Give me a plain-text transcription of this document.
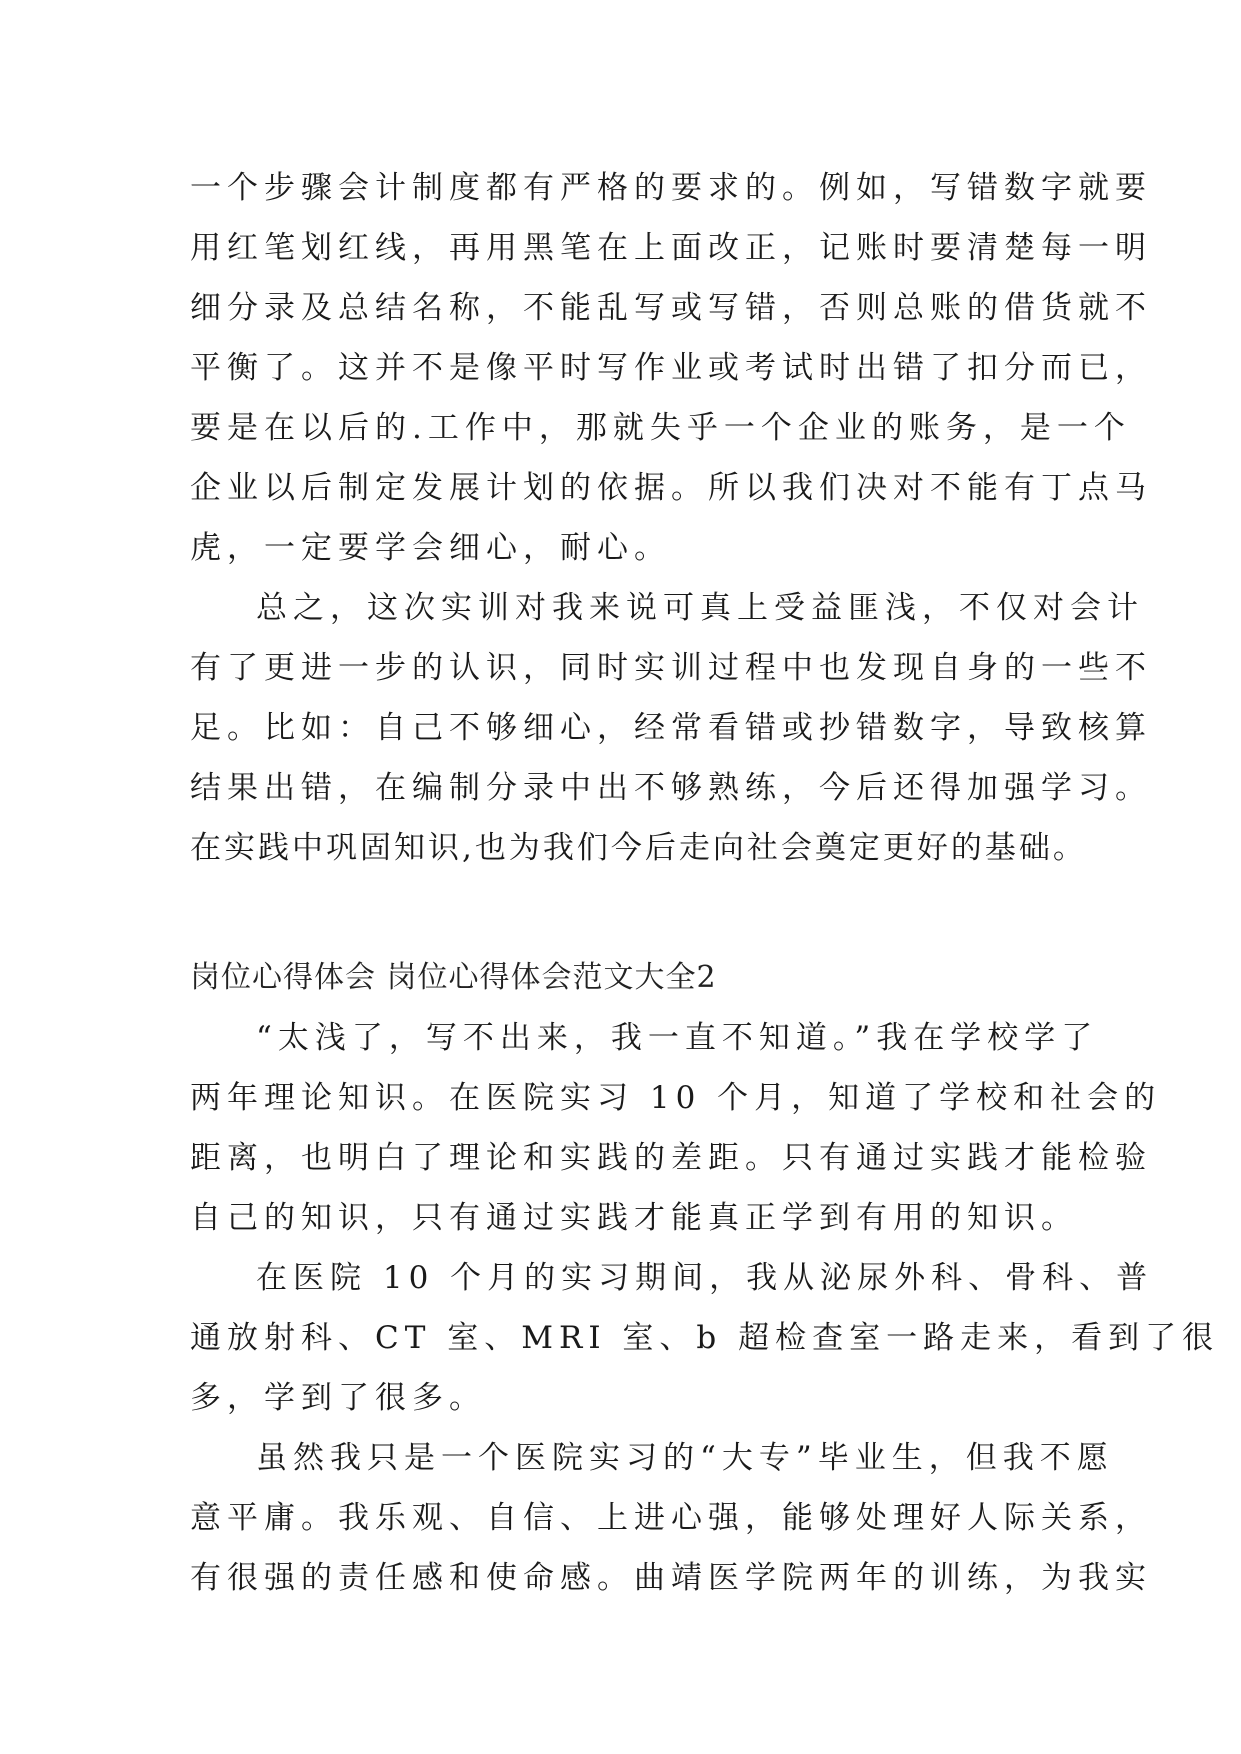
一个步骤会计制度都有严格的要求的。例如，写错数字就要
用红笔划红线，再用黑笔在上面改正，记账时要清楚每一明
细分录及总结名称，不能乱写或写错，否则总账的借货就不
平衡了。这并不是像平时写作业或考试时出错了扣分而已，
要是在以后的.工作中，那就失乎一个企业的账务，是一个
企业以后制定发展计划的依据。所以我们决对不能有丁点马
虎，一定要学会细心，耐心。
总之，这次实训对我来说可真上受益匪浅，不仅对会计
有了更进一步的认识，同时实训过程中也发现自身的一些不
足。比如：自己不够细心，经常看错或抄错数字，导致核算
结果出错，在编制分录中出不够熟练，今后还得加强学习。
在实践中巩固知识,也为我们今后走向社会奠定更好的基础。
岗位心得体会 岗位心得体会范文大全2
“太浅了，写不出来，我一直不知道。”我在学校学了
两年理论知识。在医院实习 10 个月，知道了学校和社会的
距离，也明白了理论和实践的差距。只有通过实践才能检验
自己的知识，只有通过实践才能真正学到有用的知识。
在医院 10 个月的实习期间，我从泌尿外科、骨科、普
通放射科、CT 室、MRI 室、b 超检查室一路走来，看到了很
多，学到了很多。
虽然我只是一个医院实习的“大专”毕业生，但我不愿
意平庸。我乐观、自信、上进心强，能够处理好人际关系，
有很强的责任感和使命感。曲靖医学院两年的训练，为我实
